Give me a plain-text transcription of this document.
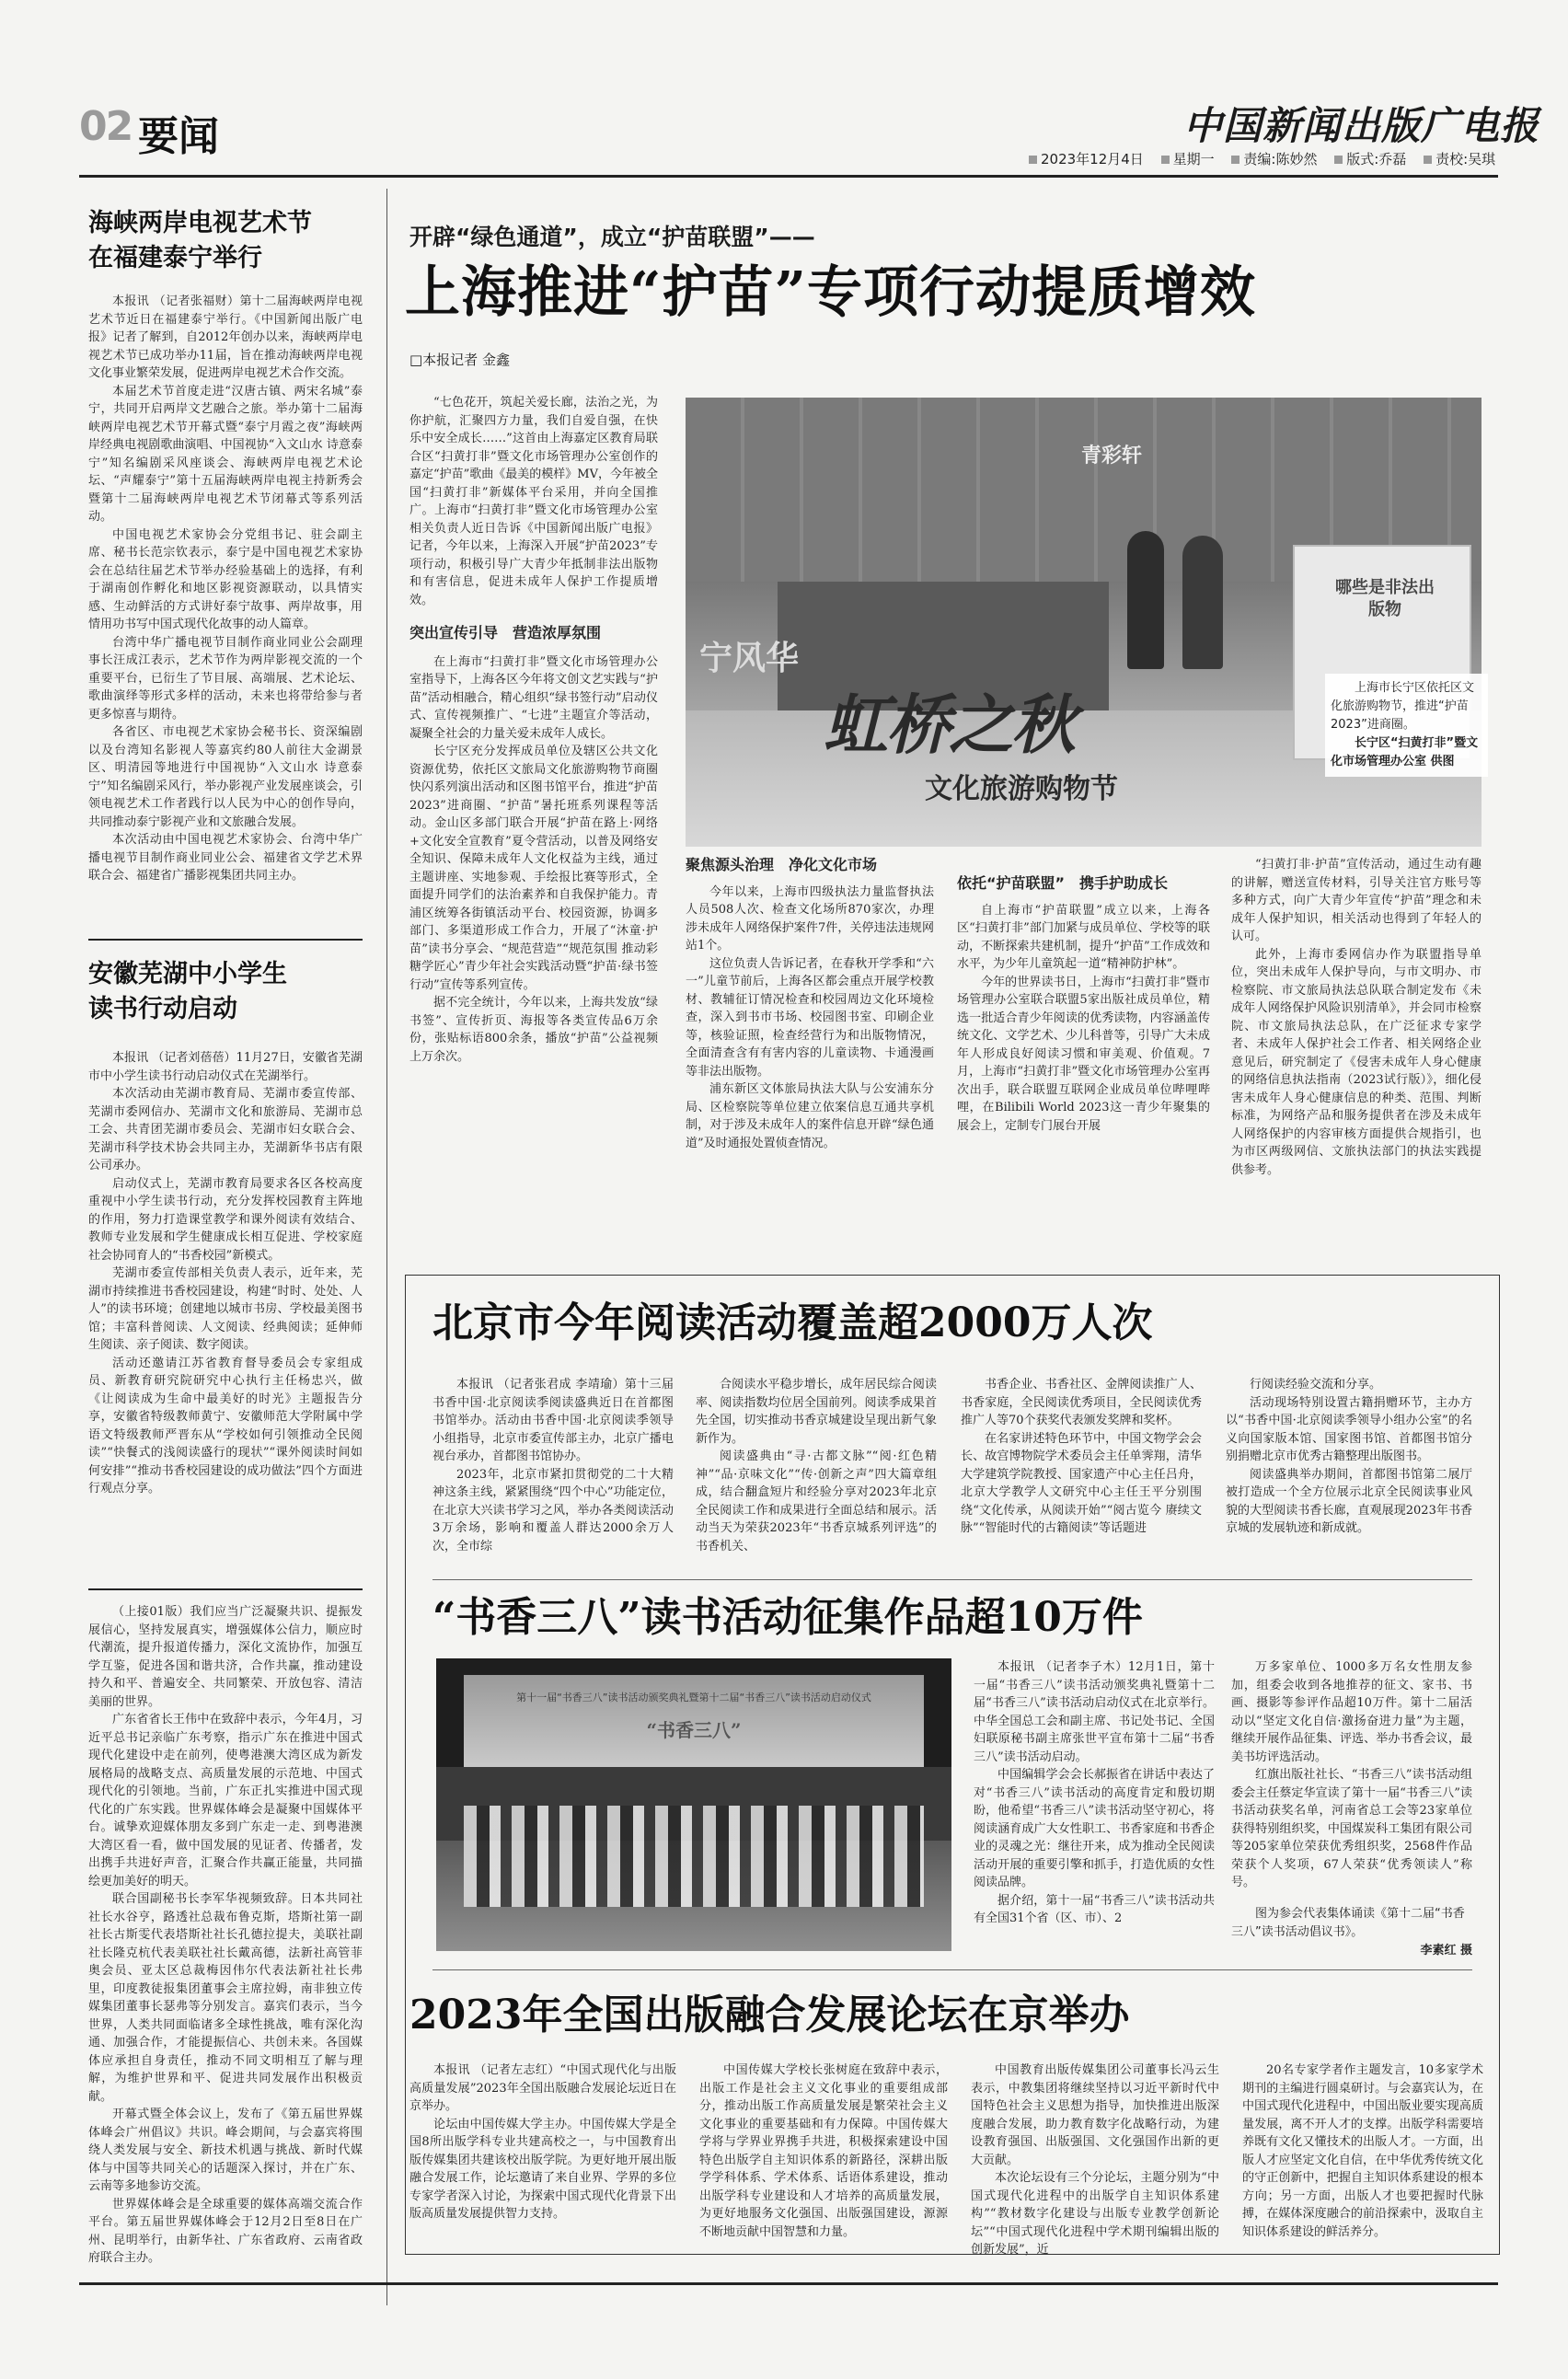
02 要闻	中国新闻出版广电报
2023年12月4日 星期一 责编:陈妙然 版式:乔磊 责校:吴琪
海峡两岸电视艺术节
在福建泰宁举行

本报讯 （记者张福财）第十二届海峡两岸电视艺术节近日在福建泰宁举行。《中国新闻出版广电报》记者了解到，自2012年创办以来，海峡两岸电视艺术节已成功举办11届，旨在推动海峡两岸电视文化事业繁荣发展，促进两岸电视艺术合作交流。

本届艺术节首度走进“汉唐古镇、两宋名城”泰宁，共同开启两岸文艺融合之旅。举办第十二届海峡两岸电视艺术节开幕式暨“泰宁月霞之夜”海峡两岸经典电视剧歌曲演唱、中国视协“入文山水 诗意泰宁”知名编剧采风座谈会、海峡两岸电视艺术论坛、“声耀泰宁”第十五届海峡两岸电视主持新秀会暨第十二届海峡两岸电视艺术节闭幕式等系列活动。

中国电视艺术家协会分党组书记、驻会副主席、秘书长范宗钦表示，泰宁是中国电视艺术家协会在总结往届艺术节举办经验基础上的选择，有利于湖南创作孵化和地区影视资源联动，以具情实感、生动鲜活的方式讲好泰宁故事、两岸故事，用情用功书写中国式现代化故事的动人篇章。

台湾中华广播电视节目制作商业同业公会副理事长汪成江表示，艺术节作为两岸影视交流的一个重要平台，已衍生了节目展、高端展、艺术论坛、歌曲演绎等形式多样的活动，未来也将带给参与者更多惊喜与期待。

各省区、市电视艺术家协会秘书长、资深编剧以及台湾知名影视人等嘉宾约80人前往大金湖景区、明清园等地进行中国视协“入文山水 诗意泰宁”知名编剧采风行，举办影视产业发展座谈会，引领电视艺术工作者践行以人民为中心的创作导向，共同推动泰宁影视产业和文旅融合发展。

本次活动由中国电视艺术家协会、台湾中华广播电视节目制作商业同业公会、福建省文学艺术界联合会、福建省广播影视集团共同主办。

安徽芜湖中小学生
读书行动启动

本报讯 （记者刘蓓蓓）11月27日，安徽省芜湖市中小学生读书行动启动仪式在芜湖举行。

本次活动由芜湖市教育局、芜湖市委宣传部、芜湖市委网信办、芜湖市文化和旅游局、芜湖市总工会、共青团芜湖市委员会、芜湖市妇女联合会、芜湖市科学技术协会共同主办，芜湖新华书店有限公司承办。

启动仪式上，芜湖市教育局要求各区各校高度重视中小学生读书行动，充分发挥校园教育主阵地的作用，努力打造课堂教学和课外阅读有效结合、教师专业发展和学生健康成长相互促进、学校家庭社会协同育人的“书香校园”新模式。

芜湖市委宣传部相关负责人表示，近年来，芜湖市持续推进书香校园建设，构建“时时、处处、人人”的读书环境；创建地以城市书房、学校最美图书馆；丰富科普阅读、人文阅读、经典阅读；延伸师生阅读、亲子阅读、数字阅读。

活动还邀请江苏省教育督导委员会专家组成员、新教育研究院研究中心执行主任杨忠兴，做《让阅读成为生命中最美好的时光》主题报告分享，安徽省特级教师黄宁、安徽师范大学附属中学语文特级教师严晋东从“学校如何引领推动全民阅读”“快餐式的浅阅读盛行的现状”“课外阅读时间如何安排”“推动书香校园建设的成功做法”四个方面进行观点分享。

（上接01版）我们应当广泛凝聚共识、提振发展信心，坚持发展真实，增强媒体公信力，顺应时代潮流，提升报道传播力，深化文流协作，加强互学互鉴，促进各国和谐共济，合作共赢，推动建设持久和平、普遍安全、共同繁荣、开放包容、清洁美丽的世界。

广东省省长王伟中在致辞中表示，今年4月，习近平总书记亲临广东考察，指示广东在推进中国式现代化建设中走在前列，使粤港澳大湾区成为新发展格局的战略支点、高质量发展的示范地、中国式现代化的引领地。当前，广东正扎实推进中国式现代化的广东实践。世界媒体峰会是凝聚中国媒体平台。诚挚欢迎媒体朋友多到广东走一走、到粤港澳大湾区看一看，做中国发展的见证者、传播者，发出携手共进好声音，汇聚合作共赢正能量，共同描绘更加美好的明天。

联合国副秘书长李军华视频致辞。日本共同社社长水谷亨，路透社总裁布鲁克斯，塔斯社第一副社长古斯雯代表塔斯社社长孔德拉提夫，美联社副社长隆克杭代表美联社社长戴高德，法新社高管菲奥会员、亚太区总裁梅因伟尔代表法新社社长弗里，印度教徒报集团董事会主席拉姆，南非独立传媒集团董事长瑟弗等分别发言。嘉宾们表示，当今世界，人类共同面临诸多全球性挑战，唯有深化沟通、加强合作，才能提振信心、共创未来。各国媒体应承担自身责任，推动不同文明相互了解与理解，为维护世界和平、促进共同发展作出积极贡献。

开幕式暨全体会议上，发布了《第五届世界媒体峰会广州倡议》共识。峰会期间，与会嘉宾将围绕人类发展与安全、新技术机遇与挑战、新时代媒体与中国等共同关心的话题深入探讨，并在广东、云南等多地参访交流。

世界媒体峰会是全球重要的媒体高端交流合作平台。第五届世界媒体峰会于12月2日至8日在广州、昆明举行，由新华社、广东省政府、云南省政府联合主办。

开辟“绿色通道”，成立“护苗联盟”——
上海推进“护苗”专项行动提质增效
□本报记者 金鑫

“七色花开，筑起关爱长廊，法治之光，为你护航，汇聚四方力量，我们自爱自强，在快乐中安全成长……”这首由上海嘉定区教育局联合区“扫黄打非”暨文化市场管理办公室创作的嘉定“护苗”歌曲《最美的模样》MV，今年被全国“扫黄打非”新媒体平台采用，并向全国推广。上海市“扫黄打非”暨文化市场管理办公室相关负责人近日告诉《中国新闻出版广电报》记者，今年以来，上海深入开展“护苗2023”专项行动，积极引导广大青少年抵制非法出版物和有害信息，促进未成年人保护工作提质增效。

突出宣传引导　营造浓厚氛围

在上海市“扫黄打非”暨文化市场管理办公室指导下，上海各区今年将文创文艺实践与“护苗”活动相融合，精心组织“绿书签行动”启动仪式、宣传视频推广、“七进”主题宣介等活动，凝聚全社会的力量关爱未成年人成长。

长宁区充分发挥成员单位及辖区公共文化资源优势，依托区文旅局文化旅游购物节商圈快闪系列演出活动和区图书馆平台，推进“护苗2023”进商圈、“护苗”暑托班系列课程等活动。金山区多部门联合开展“护苗在路上·网络+文化安全宣教育”夏令营活动，以普及网络安全知识、保障未成年人文化权益为主线，通过主题讲座、实地参观、手绘报比赛等形式，全面提升同学们的法治素养和自我保护能力。青浦区统筹各街镇活动平台、校园资源，协调多部门、多渠道形成工作合力，开展了“沐童·护苗”读书分享会、“规范营造”“规范氛围 推动彩糖学匠心”青少年社会实践活动暨“护苗·绿书签行动”宣传等系列宣传。

据不完全统计，今年以来，上海共发放“绿书签”、宣传折页、海报等各类宣传品6万余份，张贴标语800余条，播放“护苗”公益视频上万余次。

青彩轩
宁风华
虹桥之秋
文化旅游购物节
哪些是非法出版物
上海市长宁区依托区文化旅游购物节，推进“护苗2023”进商圈。
长宁区“扫黄打非”暨文化市场管理办公室 供图
聚焦源头治理　净化文化市场

今年以来，上海市四级执法力量监督执法人员508人次、检查文化场所870家次，办理涉未成年人网络保护案件7件，关停违法违规网站1个。

这位负责人告诉记者，在春秋开学季和“六一”儿童节前后，上海各区都会重点开展学校教材、教辅征订情况检查和校园周边文化环境检查，深入到书市书场、校园图书室、印刷企业等，核验证照，检查经营行为和出版物情况，全面清查含有有害内容的儿童读物、卡通漫画等非法出版物。

浦东新区文体旅局执法大队与公安浦东分局、区检察院等单位建立依案信息互通共享机制，对于涉及未成年人的案件信息开辟“绿色通道”及时通报处置侦查情况。

依托“护苗联盟”　携手护助成长

自上海市“护苗联盟”成立以来，上海各区“扫黄打非”部门加紧与成员单位、学校等的联动，不断探索共建机制，提升“护苗”工作成效和水平，为少年儿童筑起一道“精神防护林”。

今年的世界读书日，上海市“扫黄打非”暨市场管理办公室联合联盟5家出版社成员单位，精选一批适合青少年阅读的优秀读物，内容涵盖传统文化、文学艺术、少儿科普等，引导广大未成年人形成良好阅读习惯和审美观、价值观。7月，上海市“扫黄打非”暨文化市场管理办公室再次出手，联合联盟互联网企业成员单位哔哩哔哩，在Bilibili World 2023这一青少年聚集的展会上，定制专门展台开展

“扫黄打非·护苗”宣传活动，通过生动有趣的讲解，赠送宣传材料，引导关注官方账号等多种方式，向广大青少年宣传“护苗”理念和未成年人保护知识，相关活动也得到了年轻人的认可。

此外，上海市委网信办作为联盟指导单位，突出未成年人保护导向，与市文明办、市检察院、市文旅局执法总队联合制定发布《未成年人网络保护风险识别清单》，并会同市检察院、市文旅局执法总队，在广泛征求专家学者、未成年人保护社会工作者、相关网络企业意见后，研究制定了《侵害未成年人身心健康的网络信息执法指南（2023试行版）》，细化侵害未成年人身心健康信息的种类、范围、判断标准，为网络产品和服务提供者在涉及未成年人网络保护的内容审核方面提供合规指引，也为市区两级网信、文旅执法部门的执法实践提供参考。

北京市今年阅读活动覆盖超2000万人次

本报讯 （记者张君成 李靖瑜）第十三届书香中国·北京阅读季阅读盛典近日在首都图书馆举办。活动由书香中国·北京阅读季领导小组指导，北京市委宣传部主办，北京广播电视台承办，首都图书馆协办。

2023年，北京市紧扣贯彻党的二十大精神这条主线，紧紧围绕“四个中心”功能定位，在北京大兴读书学习之风，举办各类阅读活动3万余场，影响和覆盖人群达2000余万人次，全市综

合阅读水平稳步增长，成年居民综合阅读率、阅读指数均位居全国前列。阅读季成果首先全国，切实推动书香京城建设呈现出新气象新作为。

阅读盛典由“寻·古都文脉”“阅·红色精神”“品·京味文化”“传·创新之声”四大篇章组成，结合翻盒短片和经验分享对2023年北京全民阅读工作和成果进行全面总结和展示。活动当天为荣获2023年“书香京城系列评选”的书香机关、

书香企业、书香社区、金牌阅读推广人、书香家庭，全民阅读优秀项目，全民阅读优秀推广人等70个获奖代表颁发奖牌和奖杯。

在名家讲述特色环节中，中国文物学会会长、故宫博物院学术委员会主任单霁翔，清华大学建筑学院教授、国家遗产中心主任吕舟，北京大学教学人文研究中心主任王平分别围绕“文化传承，从阅读开始”“阅古览今 赓续文脉”“智能时代的古籍阅读”等话题进

行阅读经验交流和分享。

活动现场特别设置古籍捐赠环节，主办方以“书香中国·北京阅读季领导小组办公室”的名义向国家版本馆、国家图书馆、首都图书馆分别捐赠北京市优秀古籍整理出版图书。

阅读盛典举办期间，首都图书馆第二展厅被打造成一个全方位展示北京全民阅读事业风貌的大型阅读书香长廊，直观展现2023年书香京城的发展轨迹和新成就。

“书香三八”读书活动征集作品超10万件
第十一届“书香三八”读书活动颁奖典礼暨第十二届“书香三八”读书活动启动仪式
“书香三八”

本报讯 （记者李子木）12月1日，第十一届“书香三八”读书活动颁奖典礼暨第十二届“书香三八”读书活动启动仪式在北京举行。中华全国总工会和副主席、书记处书记、全国妇联原秘书副主席张世平宣布第十二届“书香三八”读书活动启动。

中国编辑学会会长郝振省在讲话中表达了对“书香三八”读书活动的高度肯定和殷切期盼，他希望“书香三八”读书活动坚守初心，将阅读涵育成广大女性职工、书香家庭和书香企业的灵魂之光：继往开来，成为推动全民阅读活动开展的重要引擎和抓手，打造优质的女性阅读品牌。

据介绍，第十一届“书香三八”读书活动共有全国31个省（区、市）、2

万多家单位、1000多万名女性朋友参加，组委会收到各地推荐的征文、家书、书画、摄影等参评作品超10万件。第十二届活动以“坚定文化自信·激扬奋进力量”为主题，继续开展作品征集、评选、举办书香会议，最美书坊评选活动。

红旗出版社社长、“书香三八”读书活动组委会主任蔡定华宣读了第十一届“书香三八”读书活动获奖名单，河南省总工会等23家单位获得特别组织奖，中国煤炭科工集团有限公司等205家单位荣获优秀组织奖，2568件作品荣获个人奖项，67人荣获“优秀领读人”称号。

图为参会代表集体诵读《第十二届“书香三八”读书活动倡议书》。
李素红 摄
2023年全国出版融合发展论坛在京举办

本报讯 （记者左志红）“中国式现代化与出版高质量发展”2023年全国出版融合发展论坛近日在京举办。

论坛由中国传媒大学主办。中国传媒大学是全国8所出版学科专业共建高校之一，与中国教育出版传媒集团共建该校出版学院。为更好地开展出版融合发展工作，论坛邀请了来自业界、学界的多位专家学者深入讨论，为探索中国式现代化背景下出版高质量发展提供智力支持。

中国传媒大学校长张树庭在致辞中表示，出版工作是社会主义文化事业的重要组成部分，推动出版工作高质量发展是繁荣社会主义文化事业的重要基础和有力保障。中国传媒大学将与学界业界携手共进，积极探索建设中国特色出版学自主知识体系的新路径，深耕出版学学科体系、学术体系、话语体系建设，推动出版学科专业建设和人才培养的高质量发展，为更好地服务文化强国、出版强国建设，源源不断地贡献中国智慧和力量。

中国教育出版传媒集团公司董事长冯云生表示，中教集团将继续坚持以习近平新时代中国特色社会主义思想为指导，加快推进出版深度融合发展，助力教育数字化战略行动，为建设教育强国、出版强国、文化强国作出新的更大贡献。

本次论坛设有三个分论坛，主题分别为“中国式现代化进程中的出版学自主知识体系建构”“教材数字化建设与出版专业教学创新论坛”“中国式现代化进程中学术期刊编辑出版的创新发展”，近

20名专家学者作主题发言，10多家学术期刊的主编进行圆桌研讨。与会嘉宾认为，在中国式现代化进程中，中国出版业要实现高质量发展，离不开人才的支撑。出版学科需要培养既有文化又懂技术的出版人才。一方面，出版人才应坚定文化自信，在中华优秀传统文化的守正创新中，把握自主知识体系建设的根本方向；另一方面，出版人才也要把握时代脉搏，在媒体深度融合的前沿探索中，汲取自主知识体系建设的鲜活养分。
